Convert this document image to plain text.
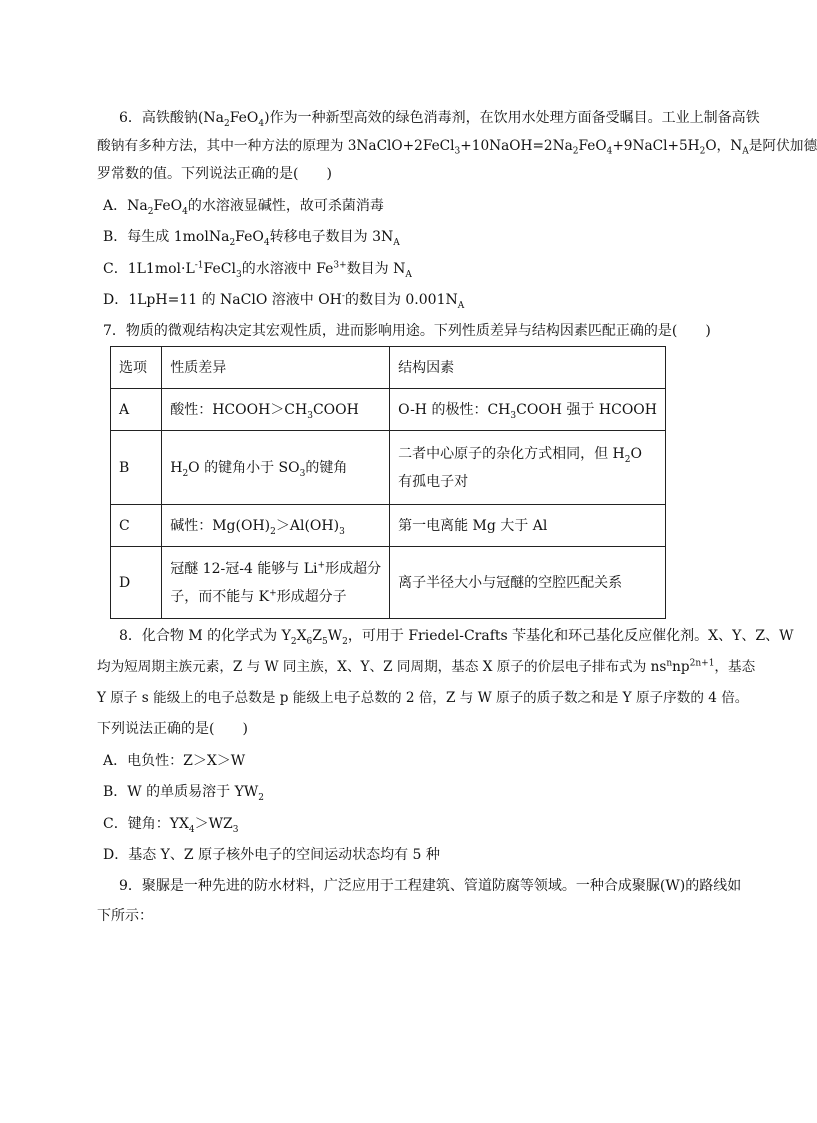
6．高铁酸钠$(Na_2FeO_4)$作为一种新型高效的绿色消毒剂，在饮用水处理方面备受瞩目。工业上制备高铁
酸钠有多种方法，其中一种方法的原理为 $3NaClO+2FeCl_3+10NaOH=2Na_2FeO_4+9NaCl+5H_2O$，$N_A$是阿伏加德
罗常数的值。下列说法正确的是(　　)
A．$Na_2FeO_4$的水溶液显碱性，故可杀菌消毒
B．每生成 1molNa$_2$FeO$_4$转移电子数目为 $3N_A$
C．$1L1mol\cdot L^{-1}FeCl_3$的水溶液中 $Fe^{3+}$数目为 $N_A$
D．1LpH=11 的 NaClO 溶液中 OH-的数目为 $0.001N_A$
7．物质的微观结构决定其宏观性质，进而影响用途。下列性质差异与结构因素匹配正确的是(　　)
选项	性质差异	结构因素
A	酸性：$HCOOH>CH_3COOH$	O-H 的极性：$CH_3COOH$ 强于 HCOOH
B	$H_2O$ 的键角小于 $SO_3$的键角	二者中心原子的杂化方式相同，但 $H_2O$
有孤电子对

C	碱性：$Mg(OH)_2>Al(OH)_3$	第一电离能 Mg 大于 Al
D	冠醚 12-冠-4 能够与 Li+形成超分
子，而不能与 K+形成超分子	离子半径大小与冠醚的空腔匹配关系
8．化合物 M 的化学式为 $Y_2X_6Z_5W_2$，可用于 Friedel-Crafts 苄基化和环己基化反应催化剂。X、Y、Z、W
均为短周期主族元素，Z 与 W 同主族，X、Y、Z 同周期，基态 X 原子的价层电子排布式为 $ns^nnp^{2n+1}$，基态
Y 原子 s 能级上的电子总数是 p 能级上电子总数的 2 倍，Z 与 W 原子的质子数之和是 Y 原子序数的 4 倍。
下列说法正确的是(　　)
A．电负性：Z＞X＞W
B．W 的单质易溶于 $YW_2$
C．键角：$YX_4>WZ_3$
D．基态 Y、Z 原子核外电子的空间运动状态均有 5 种
9．聚脲是一种先进的防水材料，广泛应用于工程建筑、管道防腐等领域。一种合成聚脲(W)的路线如
下所示：
